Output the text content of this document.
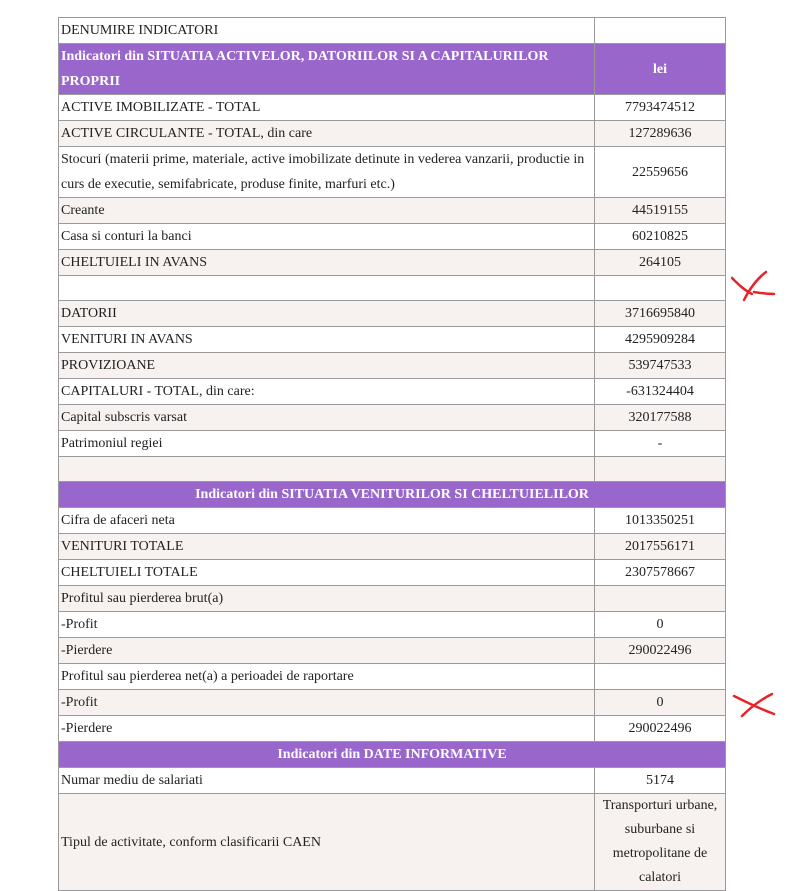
DENUMIRE INDICATORI	
Indicatori din SITUATIA ACTIVELOR, DATORIILOR SI A CAPITALURILOR PROPRII	lei
ACTIVE IMOBILIZATE - TOTAL	7793474512
ACTIVE CIRCULANTE - TOTAL, din care	127289636
Stocuri (materii prime, materiale, active imobilizate detinute in vederea vanzarii, productie in curs de executie, semifabricate, produse finite, marfuri etc.)	22559656
Creante	44519155
Casa si conturi la banci	60210825
CHELTUIELI IN AVANS	264105

DATORII	3716695840
VENITURI IN AVANS	4295909284
PROVIZIOANE	539747533
CAPITALURI - TOTAL, din care:	-631324404
Capital subscris varsat	320177588
Patrimoniul regiei	-

Indicatori din SITUATIA VENITURILOR SI CHELTUIELILOR	
Cifra de afaceri neta	1013350251
VENITURI TOTALE	2017556171
CHELTUIELI TOTALE	2307578667
Profitul sau pierderea brut(a)	
-Profit	0
-Pierdere	290022496
Profitul sau pierderea net(a) a perioadei de raportare	
-Profit	0
-Pierdere	290022496
Indicatori din DATE INFORMATIVE	
Numar mediu de salariati	5174
Tipul de activitate, conform clasificarii CAEN	Transporturi urbane, suburbane si metropolitane de calatori
